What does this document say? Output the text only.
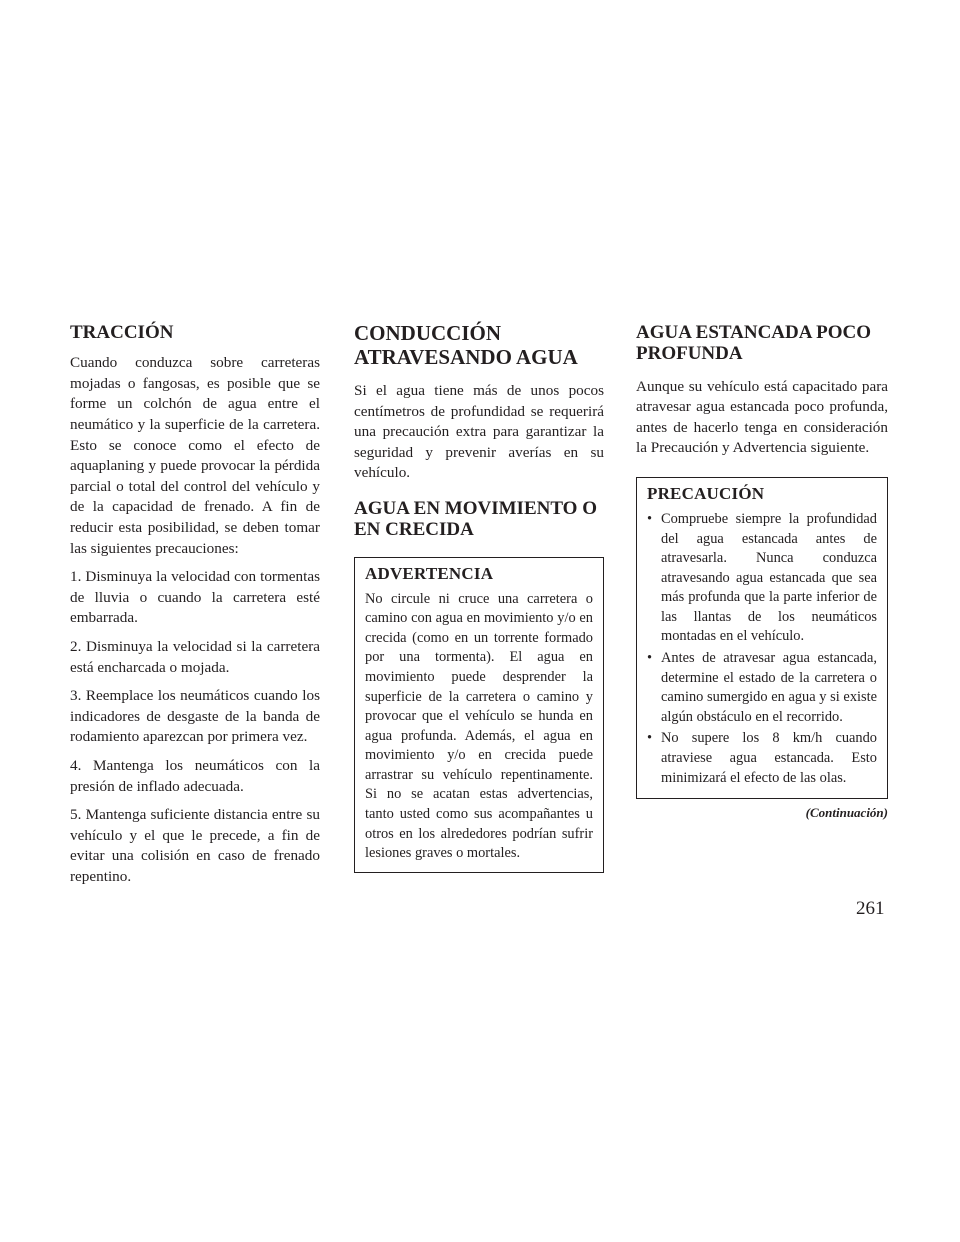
TRACCIÓN

Cuando conduzca sobre carreteras mojadas o fangosas, es posible que se forme un colchón de agua entre el neumático y la superficie de la carretera. Esto se conoce como el efecto de aquaplaning y puede provocar la pérdida parcial o total del control del vehículo y de la capacidad de frenado. A fin de reducir esta posibilidad, se deben tomar las siguientes precauciones:

1. Disminuya la velocidad con tormentas de lluvia o cuando la carretera esté embarrada.

2. Disminuya la velocidad si la carretera está encharcada o mojada.

3. Reemplace los neumáticos cuando los indicadores de desgaste de la banda de rodamiento aparezcan por primera vez.

4. Mantenga los neumáticos con la presión de inflado adecuada.

5. Mantenga suficiente distancia entre su vehículo y el que le precede, a fin de evitar una colisión en caso de frenado repentino.

CONDUCCIÓN ATRAVESANDO AGUA

Si el agua tiene más de unos pocos centímetros de profundidad se requerirá una precaución extra para garantizar la seguridad y prevenir averías en su vehículo.

AGUA EN MOVIMIENTO O EN CRECIDA
ADVERTENCIA

No circule ni cruce una carretera o camino con agua en movimiento y/o en crecida (como en un torrente formado por una tormenta). El agua en movimiento puede desprender la superficie de la carretera o camino y provocar que el vehículo se hunda en agua profunda. Además, el agua en movimiento y/o en crecida puede arrastrar su vehículo repentinamente. Si no se acatan estas advertencias, tanto usted como sus acompañantes u otros en los alrededores podrían sufrir lesiones graves o mortales.

AGUA ESTANCADA POCO PROFUNDA

Aunque su vehículo está capacitado para atravesar agua estancada poco profunda, antes de hacerlo tenga en consideración la Precaución y Advertencia siguiente.

PRECAUCIÓN
• Compruebe siempre la profundidad del agua estancada antes de atravesarla. Nunca conduzca atravesando agua estancada que sea más profunda que la parte inferior de las llantas de los neumáticos montadas en el vehículo.
• Antes de atravesar agua estancada, determine el estado de la carretera o camino sumergido en agua y si existe algún obstáculo en el recorrido.
• No supere los 8 km/h cuando atraviese agua estancada. Esto minimizará el efecto de las olas.
(Continuación)
261
